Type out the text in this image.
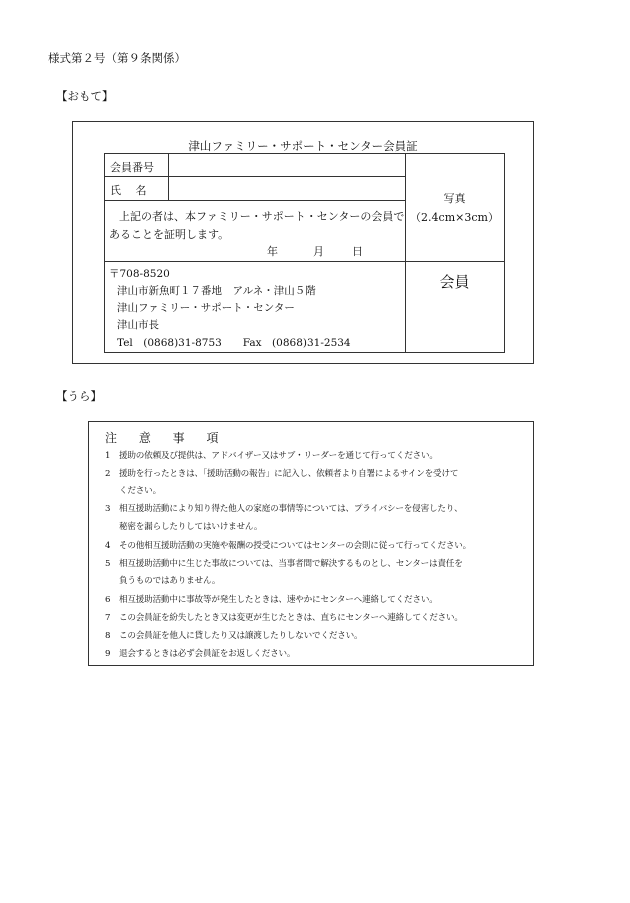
様式第２号（第９条関係）
【おもて】
津山ファミリー・サポート・センター会員証
会員番号
氏　 名
上記の者は、本ファミリー・サポート・センターの会員で
あることを証明します。
年	月	日
写真
（2.4cm×3cm）
〒708-8520
津山市新魚町１７番地　アルネ・津山５階
津山ファミリー・サポート・センター
津山市長
Tel　(0868)31-8753　　Fax　(0868)31-2534
会員
【うら】
注 意 事 項
1 援助の依頼及び提供は、アドバイザー又はサブ・リーダーを通じて行ってください。
2 援助を行ったときは、「援助活動の報告」に記入し、依頼者より自署によるサインを受けて
ください。
3 相互援助活動により知り得た他人の家庭の事情等については、プライバシーを侵害したり、
秘密を漏らしたりしてはいけません。
4 その他相互援助活動の実施や報酬の授受についてはセンターの会則に従って行ってください。
5 相互援助活動中に生じた事故については、当事者間で解決するものとし、センターは責任を
負うものではありません。
6 相互援助活動中に事故等が発生したときは、速やかにセンターへ連絡してください。
7 この会員証を紛失したとき又は変更が生じたときは、直ちにセンターへ連絡してください。
8 この会員証を他人に貸したり又は譲渡したりしないでください。
9 退会するときは必ず会員証をお返しください。
